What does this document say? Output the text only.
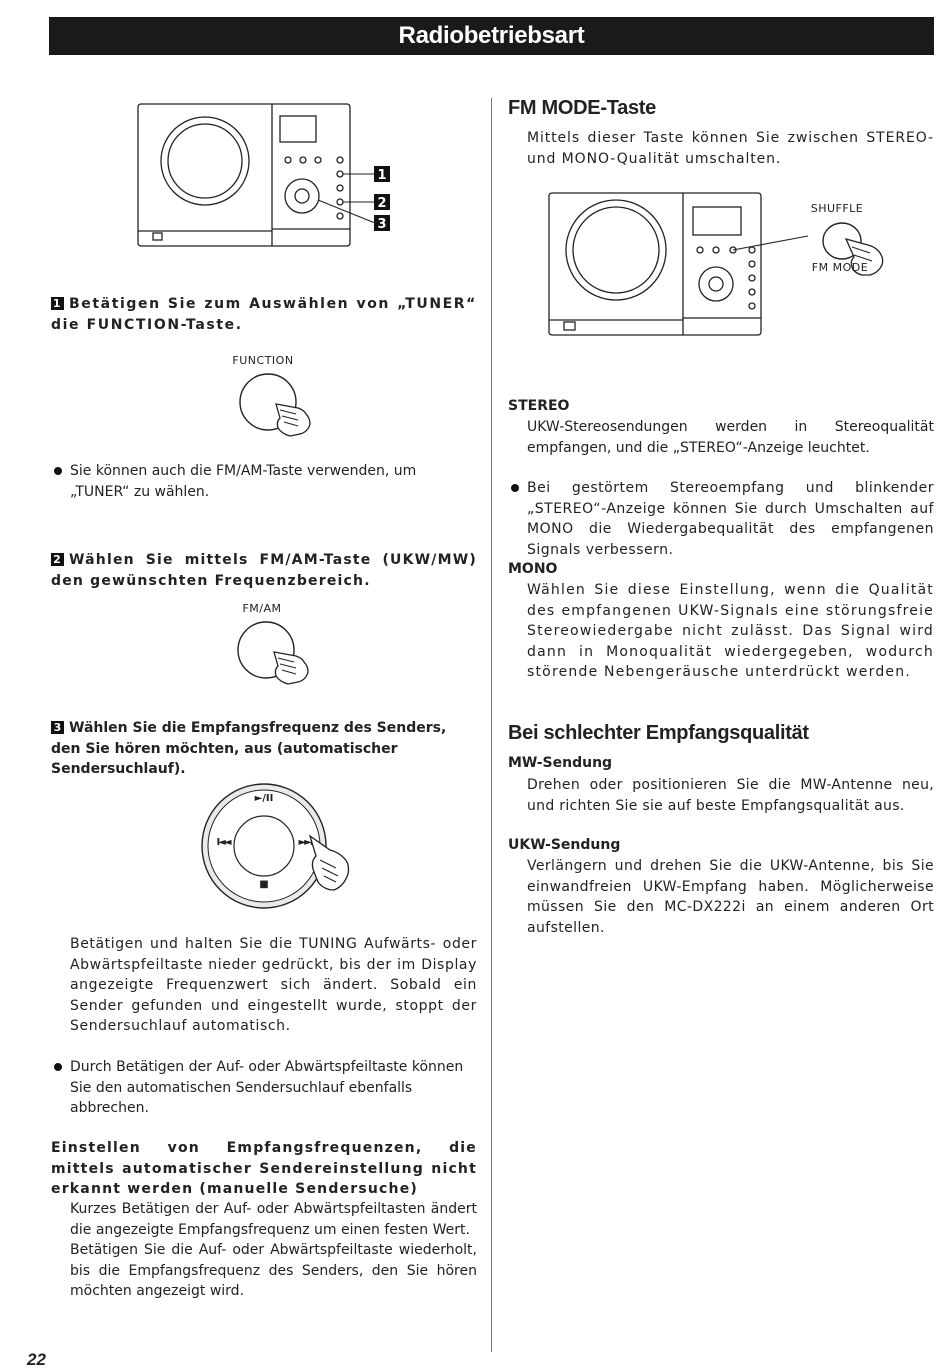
Radiobetriebsart
1
2
3
1 Betätigen Sie zum Auswählen von „TUNER“ die FUNCTION-Taste.
FUNCTION
Sie können auch die FM/AM-Taste verwenden, um „TUNER“ zu wählen.
2 Wählen Sie mittels FM/AM-Taste (UKW/MW) den gewünschten Frequenzbereich.
FM/AM
3 Wählen Sie die Empfangsfrequenz des Senders, den Sie hören möchten, aus (automatischer Sendersuchlauf).
►/II
I◄◄	►►I
■
Betätigen und halten Sie die TUNING Aufwärts- oder Abwärtspfeiltaste nieder gedrückt, bis der im Display angezeigte Frequenzwert sich ändert. Sobald ein Sender gefunden und eingestellt wurde, stoppt der Sendersuchlauf automatisch.
Durch Betätigen der Auf- oder Abwärtspfeiltaste können Sie den automatischen Sendersuchlauf ebenfalls abbrechen.
Einstellen von Empfangsfrequenzen, die mittels automatischer Sendereinstellung nicht erkannt werden (manuelle Sendersuche)
Kurzes Betätigen der Auf- oder Abwärtspfeiltasten ändert die angezeigte Empfangsfrequenz um einen festen Wert.
Betätigen Sie die Auf- oder Abwärtspfeiltaste wiederholt, bis die Empfangsfrequenz des Senders, den Sie hören möchten angezeigt wird.
FM MODE-Taste
Mittels dieser Taste können Sie zwischen STEREO- und MONO-Qualität umschalten.
SHUFFLE
FM MODE
STEREO
UKW-Stereosendungen werden in Stereoqualität empfangen, und die „STEREO“-Anzeige leuchtet.
Bei gestörtem Stereoempfang und blinkender „STEREO“-Anzeige können Sie durch Umschalten auf MONO die Wiedergabequalität des empfangenen Signals verbessern.
MONO
Wählen Sie diese Einstellung, wenn die Qualität des empfangenen UKW-Signals eine störungsfreie Stereowiedergabe nicht zulässt. Das Signal wird dann in Monoqualität wiedergegeben, wodurch störende Nebengeräusche unterdrückt werden.
Bei schlechter Empfangsqualität
MW-Sendung
Drehen oder positionieren Sie die MW-Antenne neu, und richten Sie sie auf beste Empfangsqualität aus.
UKW-Sendung
Verlängern und drehen Sie die UKW-Antenne, bis Sie einwandfreien UKW-Empfang haben. Möglicherweise müssen Sie den MC-DX222i an einem anderen Ort aufstellen.
22
